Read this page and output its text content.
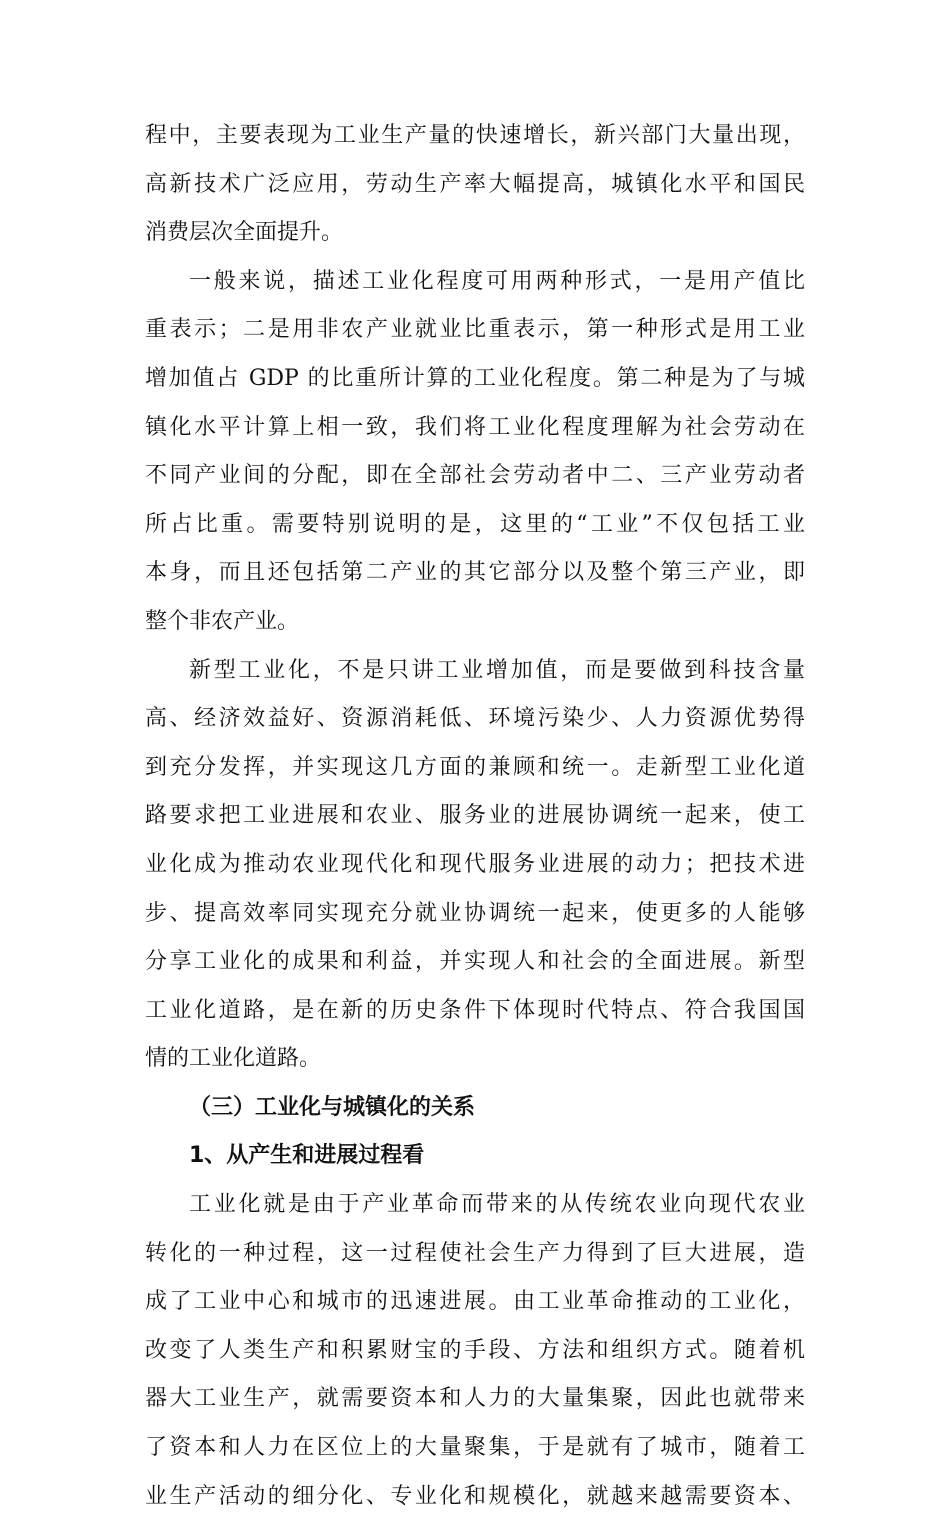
程中，主要表现为工业生产量的快速增长，新兴部门大量出现，
高新技术广泛应用，劳动生产率大幅提高，城镇化水平和国民
消费层次全面提升。
一般来说，描述工业化程度可用两种形式，一是用产值比
重表示；二是用非农产业就业比重表示，第一种形式是用工业
增加值占 GDP 的比重所计算的工业化程度。第二种是为了与城
镇化水平计算上相一致，我们将工业化程度理解为社会劳动在
不同产业间的分配，即在全部社会劳动者中二、三产业劳动者
所占比重。需要特别说明的是，这里的“工业”不仅包括工业
本身，而且还包括第二产业的其它部分以及整个第三产业，即
整个非农产业。
新型工业化，不是只讲工业增加值，而是要做到科技含量
高、经济效益好、资源消耗低、环境污染少、人力资源优势得
到充分发挥，并实现这几方面的兼顾和统一。走新型工业化道
路要求把工业进展和农业、服务业的进展协调统一起来，使工
业化成为推动农业现代化和现代服务业进展的动力；把技术进
步、提高效率同实现充分就业协调统一起来，使更多的人能够
分享工业化的成果和利益，并实现人和社会的全面进展。新型
工业化道路，是在新的历史条件下体现时代特点、符合我国国
情的工业化道路。
（三）工业化与城镇化的关系
1、从产生和进展过程看
工业化就是由于产业革命而带来的从传统农业向现代农业
转化的一种过程，这一过程使社会生产力得到了巨大进展，造
成了工业中心和城市的迅速进展。由工业革命推动的工业化，
改变了人类生产和积累财宝的手段、方法和组织方式。随着机
器大工业生产，就需要资本和人力的大量集聚，因此也就带来
了资本和人力在区位上的大量聚集，于是就有了城市，随着工
业生产活动的细分化、专业化和规模化，就越来越需要资本、
